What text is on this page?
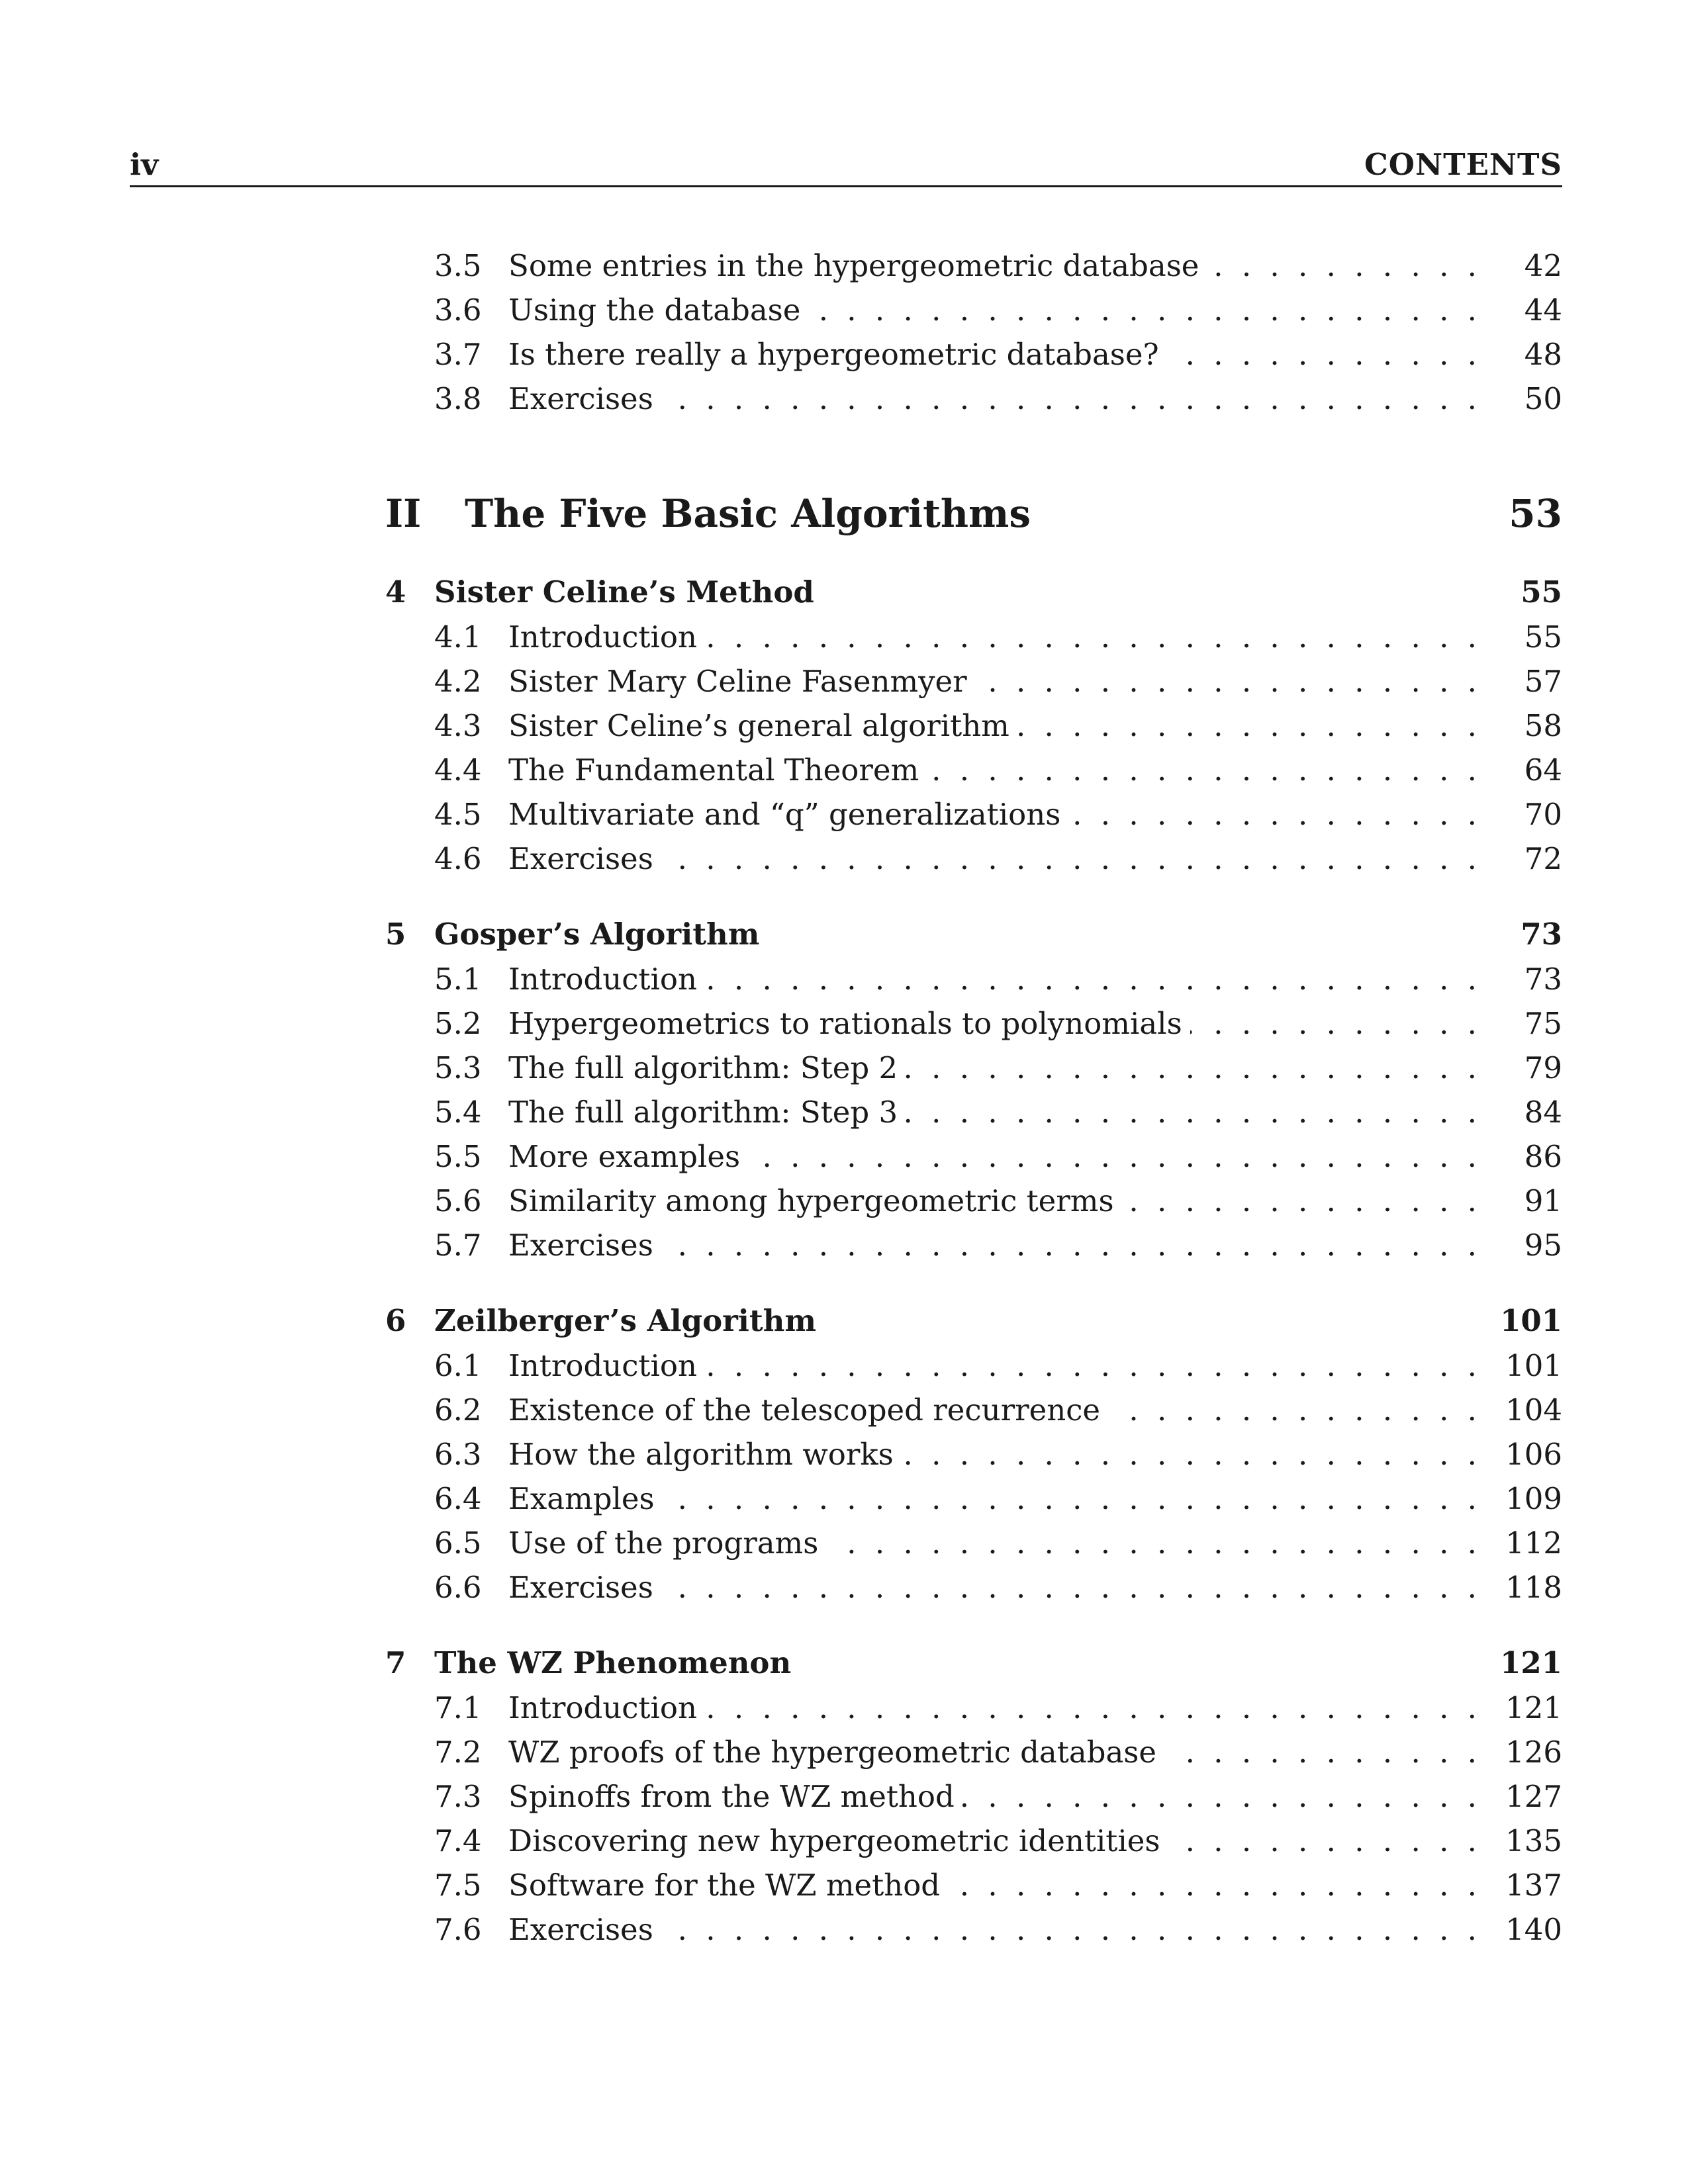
iv	CONTENTS
3.5 . . . Some entries in the hypergeometric database	42
3.6 . . . Using the database	44
3.7 . . . Is there really a hypergeometric database?	48
3.8 . . . Exercises	50
II The Five Basic Algorithms	53
4 Sister Celine’s Method	55
4.1 . . . Introduction	55
4.2 . . . Sister Mary Celine Fasenmyer	57
4.3 . . . Sister Celine’s general algorithm	58
4.4 . . . The Fundamental Theorem	64
4.5 . . . Multivariate and “q” generalizations	70
4.6 . . . Exercises	72
5 Gosper’s Algorithm	73
5.1 . . . Introduction	73
5.2 . . . Hypergeometrics to rationals to polynomials	75
5.3 . . . The full algorithm: Step 2	79
5.4 . . . The full algorithm: Step 3	84
5.5 . . . More examples	86
5.6 . . . Similarity among hypergeometric terms	91
5.7 . . . Exercises	95
6 Zeilberger’s Algorithm	101
6.1 . . . Introduction	101
6.2 . . . Existence of the telescoped recurrence	104
6.3 . . . How the algorithm works	106
6.4 . . . Examples	109
6.5 . . . Use of the programs	112
6.6 . . . Exercises	118
7 The WZ Phenomenon	121
7.1 . . . Introduction	121
7.2 . . . WZ proofs of the hypergeometric database	126
7.3 . . . Spinoffs from the WZ method	127
7.4 . . . Discovering new hypergeometric identities	135
7.5 . . . Software for the WZ method	137
7.6 . . . Exercises	140
